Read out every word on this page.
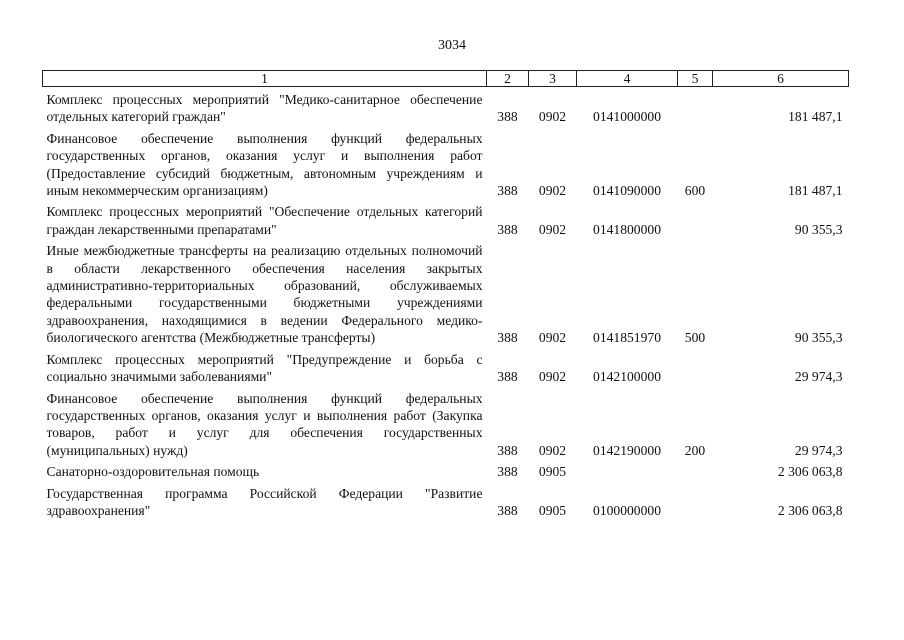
3034
1	2	3	4	5	6

Комплекс процессных мероприятий "Медико-санитарное обеспечение отдельных категорий граждан"	388	0902	0141000000		181 487,1

Финансовое обеспечение выполнения функций федеральных государственных органов, оказания услуг и выполнения работ (Предоставление субсидий бюджетным, автономным учреждениям и иным некоммерческим организациям)	388	0902	0141090000	600	181 487,1

Комплекс процессных мероприятий "Обеспечение отдельных категорий граждан лекарственными препаратами"	388	0902	0141800000		90 355,3

Иные межбюджетные трансферты на реализацию отдельных полномочий в области лекарственного обеспечения населения закрытых административно-территориальных образований, обслуживаемых федеральными государственными бюджетными учреждениями здравоохранения, находящимися в ведении Федерального медико-биологического агентства (Межбюджетные трансферты)	388	0902	0141851970	500	90 355,3

Комплекс процессных мероприятий "Предупреждение и борьба с социально значимыми заболеваниями"	388	0902	0142100000		29 974,3

Финансовое обеспечение выполнения функций федеральных государственных органов, оказания услуг и выполнения работ (Закупка товаров, работ и услуг для обеспечения государственных (муниципальных) нужд)	388	0902	0142190000	200	29 974,3

Санаторно-оздоровительная помощь	388	0905			2 306 063,8

Государственная программа Российской Федерации "Развитие здравоохранения"	388	0905	0100000000		2 306 063,8
